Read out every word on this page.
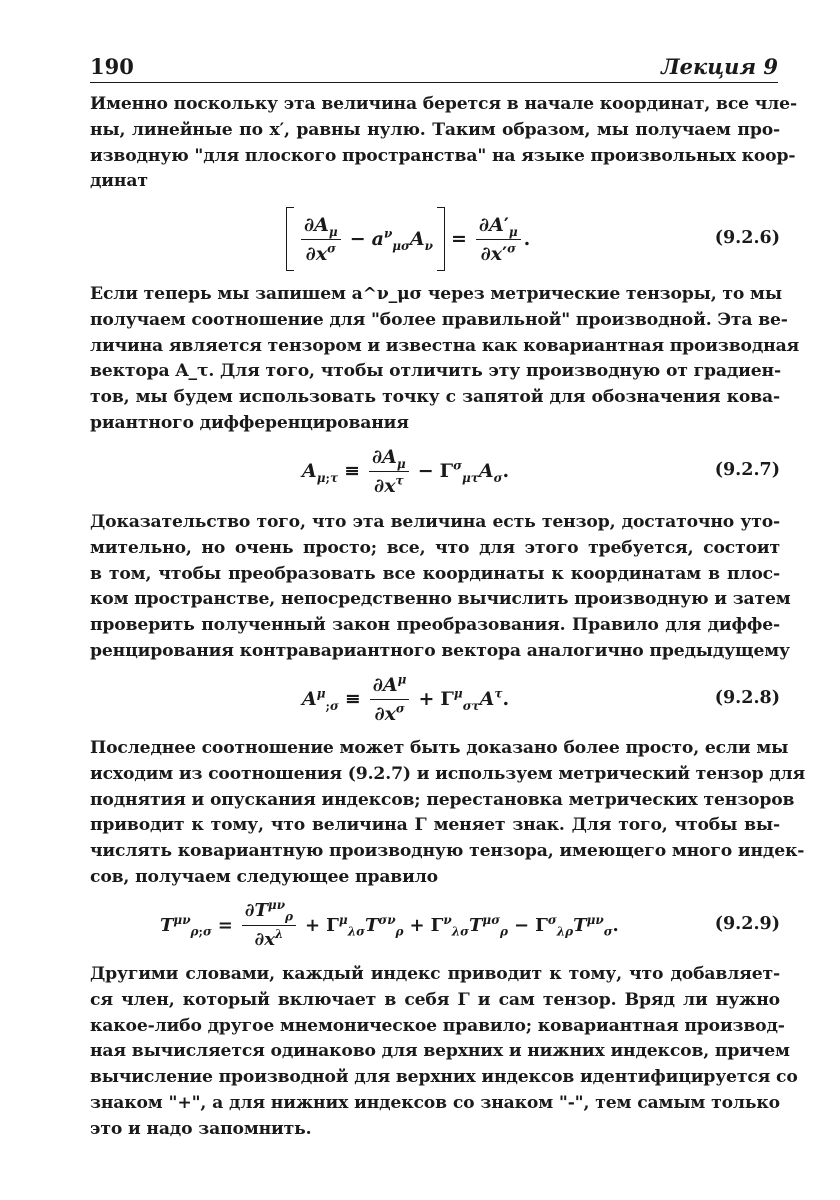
190	Лекция 9
Именно поскольку эта величина берется в начале координат, все чле-
ны, линейные по x′, равны нулю. Таким образом, мы получаем про-
изводную "для плоского пространства" на языке произвольных коор-
динат
$\frac{\partial A_\mu}{\partial x^\sigma} - a^\nu_{\mu\sigma}A_\nu = \frac{\partial A'_\mu}{\partial x'^\sigma}$ .	(9.2.6)
Если теперь мы запишем a^ν_μσ через метрические тензоры, то мы
получаем соотношение для "более правильной" производной. Эта ве-
личина является тензором и известна как ковариантная производная
вектора A_τ. Для того, чтобы отличить эту производную от градиен-
тов, мы будем использовать точку с запятой для обозначения кова-
риантного дифференцирования
$A_{\mu;\tau} \equiv \frac{\partial A_\mu}{\partial x^\tau} - \Gamma^\sigma_{\mu\tau}A_\sigma$.	(9.2.7)
Доказательство того, что эта величина есть тензор, достаточно уто-
мительно, но очень просто; все, что для этого требуется, состоит
в том, чтобы преобразовать все координаты к координатам в плос-
ком пространстве, непосредственно вычислить производную и затем
проверить полученный закон преобразования. Правило для диффе-
ренцирования контравариантного вектора аналогично предыдущему
$A^\mu_{;\sigma} \equiv \frac{\partial A^\mu}{\partial x^\sigma} + \Gamma^\mu_{\sigma\tau}A^\tau$.	(9.2.8)
Последнее соотношение может быть доказано более просто, если мы
исходим из соотношения (9.2.7) и используем метрический тензор для
поднятия и опускания индексов; перестановка метрических тензоров
приводит к тому, что величина Γ меняет знак. Для того, чтобы вы-
числять ковариантную производную тензора, имеющего много индек-
сов, получаем следующее правило
$T^{\mu\nu}_{\rho;\sigma} = \frac{\partial T^{\mu\nu}_\rho}{\partial x^\lambda} + \Gamma^\mu_{\lambda\sigma}T^{\sigma\nu}_\rho + \Gamma^\nu_{\lambda\sigma}T^{\mu\sigma}_\rho - \Gamma^\sigma_{\lambda\rho}T^{\mu\nu}_\sigma$.	(9.2.9)
Другими словами, каждый индекс приводит к тому, что добавляет-
ся член, который включает в себя Γ и сам тензор. Вряд ли нужно
какое-либо другое мнемоническое правило; ковариантная производ-
ная вычисляется одинаково для верхних и нижних индексов, причем
вычисление производной для верхних индексов идентифицируется со
знаком "+", а для нижних индексов со знаком "-", тем самым только
это и надо запомнить.
